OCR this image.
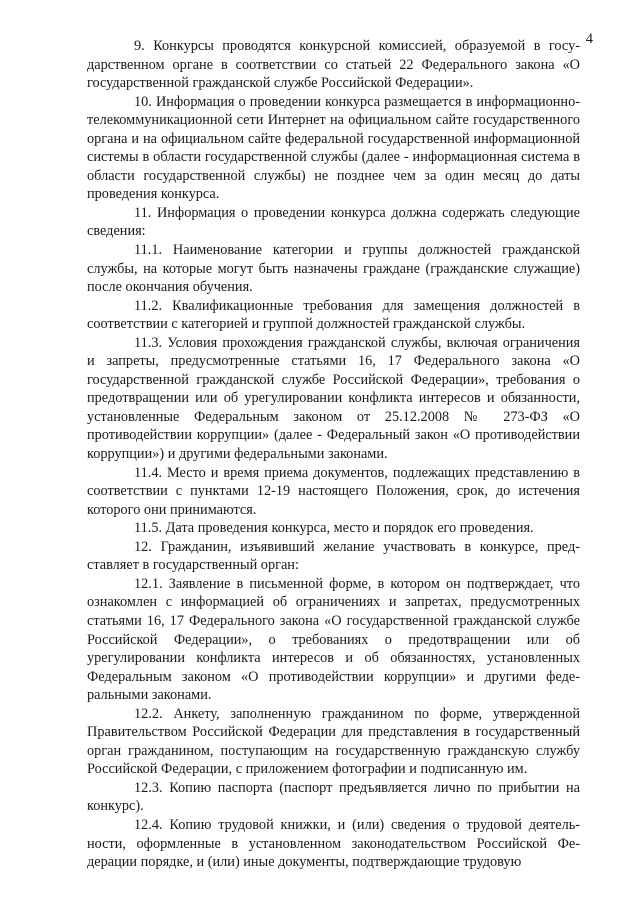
4

9. Конкурсы проводятся конкурсной комиссией, образуемой в государственном органе в соответствии со статьей 22 Федерального закона «О государственной гражданской службе Российской Федерации».

10. Информация о проведении конкурса размещается в информационно-телекоммуникационной сети Интернет на официальном сайте государственного органа и на официальном сайте федеральной государственной информационной системы в области государственной службы (далее - информационная система в области государственной службы) не позднее чем за один месяц до даты проведения конкурса.

11. Информация о проведении конкурса должна содержать следующие сведения:

11.1. Наименование категории и группы должностей гражданской службы, на которые могут быть назначены граждане (гражданские служащие) после окончания обучения.

11.2. Квалификационные требования для замещения должностей в соответствии с категорией и группой должностей гражданской службы.

11.3. Условия прохождения гражданской службы, включая ограничения и запреты, предусмотренные статьями 16, 17 Федерального закона «О государственной гражданской службе Российской Федерации», требования о предотвращении или об урегулировании конфликта интересов и обязанности, установленные Федеральным законом от 25.12.2008 № 273-ФЗ «О противодействии коррупции» (далее - Федеральный закон «О противодействии коррупции») и другими федеральными законами.

11.4. Место и время приема документов, подлежащих представлению в соответствии с пунктами 12-19 настоящего Положения, срок, до истечения которого они принимаются.

11.5. Дата проведения конкурса, место и порядок его проведения.

12. Гражданин, изъявивший желание участвовать в конкурсе, представляет в государственный орган:

12.1. Заявление в письменной форме, в котором он подтверждает, что ознакомлен с информацией об ограничениях и запретах, предусмотренных статьями 16, 17 Федерального закона «О государственной гражданской службе Российской Федерации», о требованиях о предотвращении или об урегулировании конфликта интересов и об обязанностях, установленных Федеральным законом «О противодействии коррупции» и другими федеральными законами.

12.2. Анкету, заполненную гражданином по форме, утвержденной Правительством Российской Федерации для представления в государственный орган гражданином, поступающим на государственную гражданскую службу Российской Федерации, с приложением фотографии и подписанную им.

12.3. Копию паспорта (паспорт предъявляется лично по прибытии на конкурс).

12.4. Копию трудовой книжки, и (или) сведения о трудовой деятельности, оформленные в установленном законодательством Российской Федерации порядке, и (или) иные документы, подтверждающие трудовую
